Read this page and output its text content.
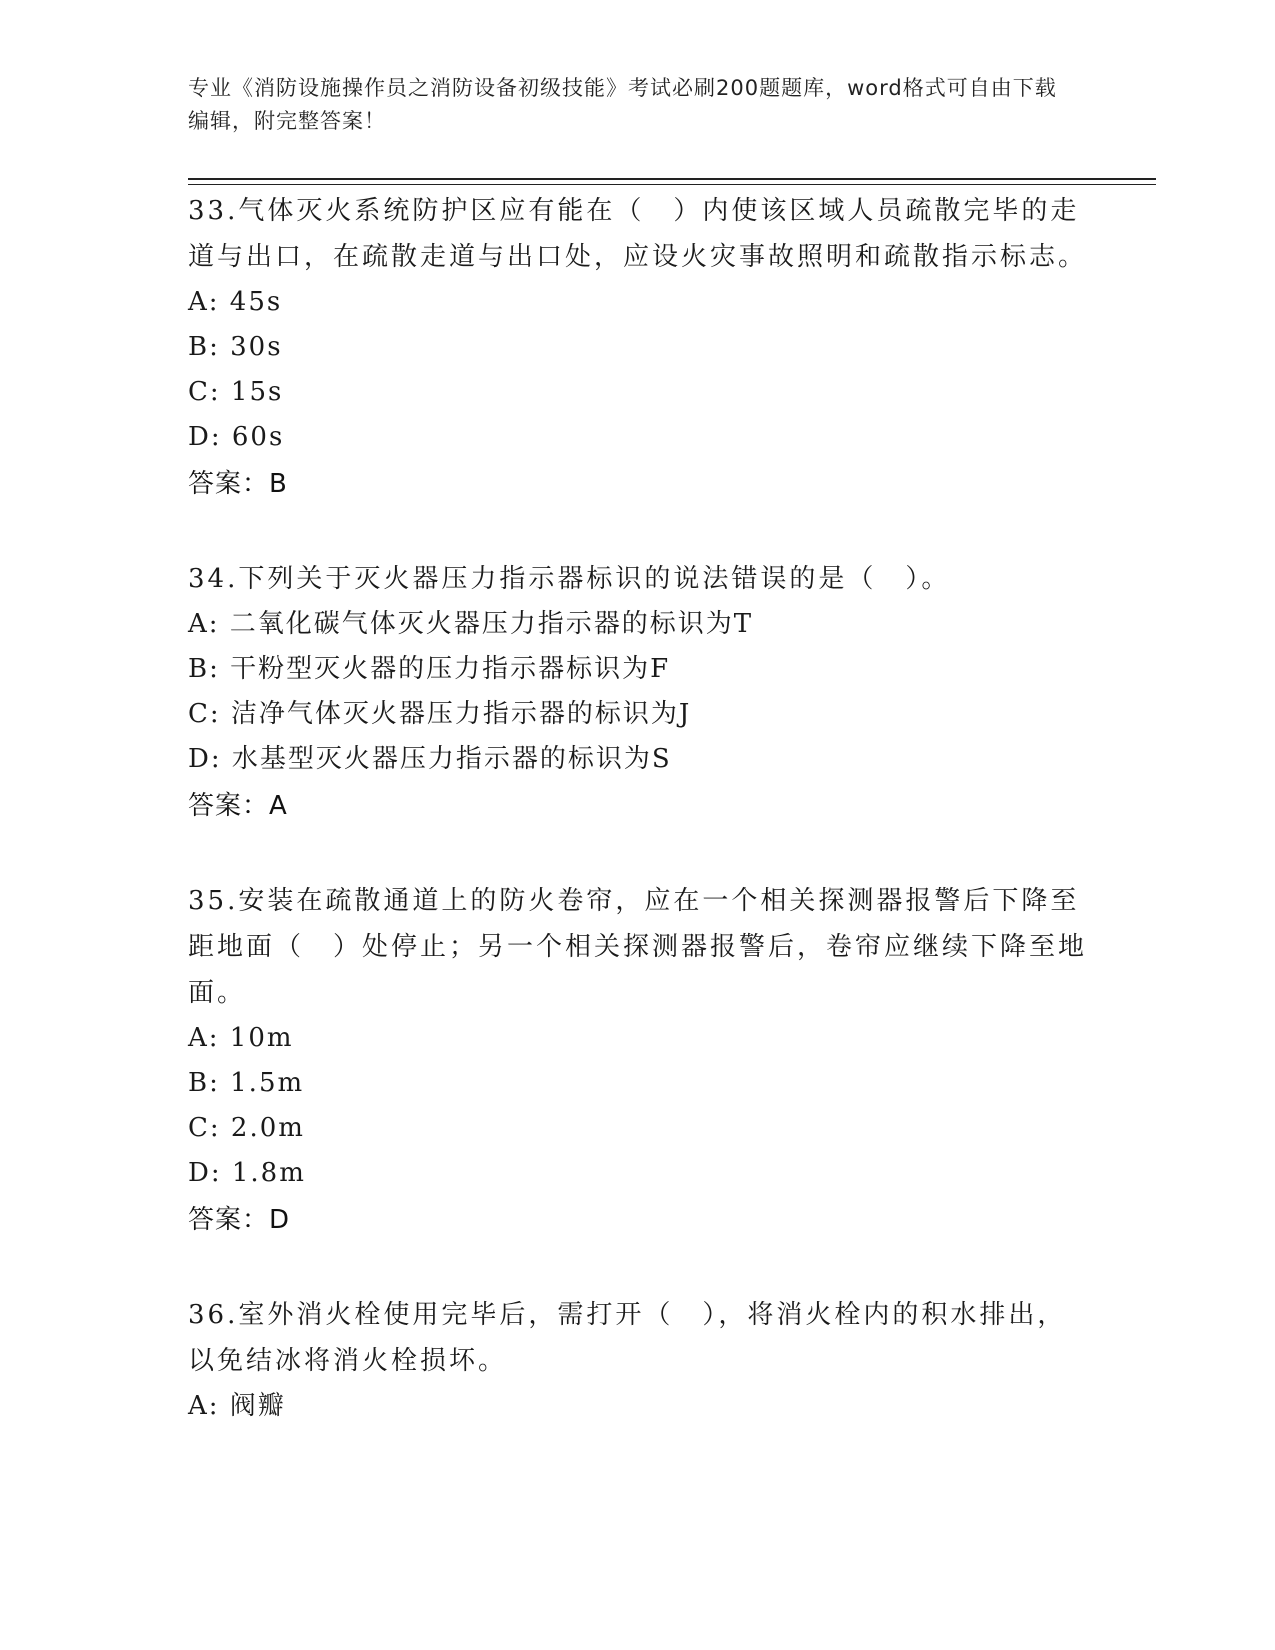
专业《消防设施操作员之消防设备初级技能》考试必刷200题题库，word格式可自由下载编辑，附完整答案！

33.气体灭火系统防护区应有能在（　）内使该区域人员疏散完毕的走道与出口，在疏散走道与出口处，应设火灾事故照明和疏散指示标志。

A: 45s

B: 30s

C: 15s

D: 60s

答案：B

34.下列关于灭火器压力指示器标识的说法错误的是（　）。

A: 二氧化碳气体灭火器压力指示器的标识为T

B: 干粉型灭火器的压力指示器标识为F

C: 洁净气体灭火器压力指示器的标识为J

D: 水基型灭火器压力指示器的标识为S

答案：A

35.安装在疏散通道上的防火卷帘，应在一个相关探测器报警后下降至距地面（　）处停止；另一个相关探测器报警后，卷帘应继续下降至地面。

A: 10m

B: 1.5m

C: 2.0m

D: 1.8m

答案：D

36.室外消火栓使用完毕后，需打开（　），将消火栓内的积水排出，以免结冰将消火栓损坏。

A: 阀瓣
